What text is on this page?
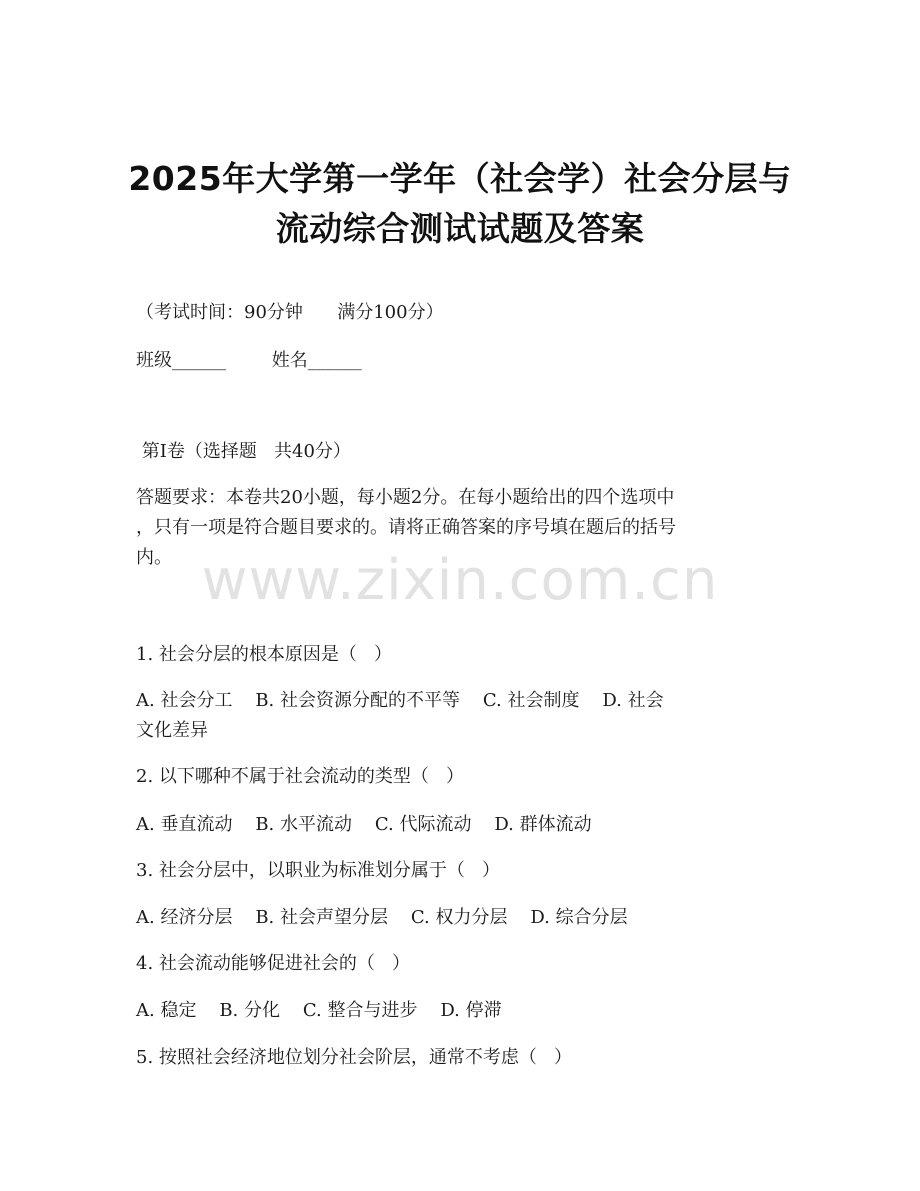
2025年大学第一学年（社会学）社会分层与
流动综合测试试题及答案
（考试时间：90分钟      满分100分）
班级______        姓名______
第I卷（选择题   共40分）
答题要求：本卷共20小题，每小题2分。在每小题给出的四个选项中
，只有一项是符合题目要求的。请将正确答案的序号填在题后的括号
内。 www.zixin.com.cn
1. 社会分层的根本原因是（   ）
A. 社会分工    B. 社会资源分配的不平等    C. 社会制度    D. 社会
文化差异
2. 以下哪种不属于社会流动的类型（   ）
A. 垂直流动    B. 水平流动    C. 代际流动    D. 群体流动
3. 社会分层中，以职业为标准划分属于（   ）
A. 经济分层    B. 社会声望分层    C. 权力分层    D. 综合分层
4. 社会流动能够促进社会的（   ）
A. 稳定    B. 分化    C. 整合与进步    D. 停滞
5. 按照社会经济地位划分社会阶层，通常不考虑（   ）
